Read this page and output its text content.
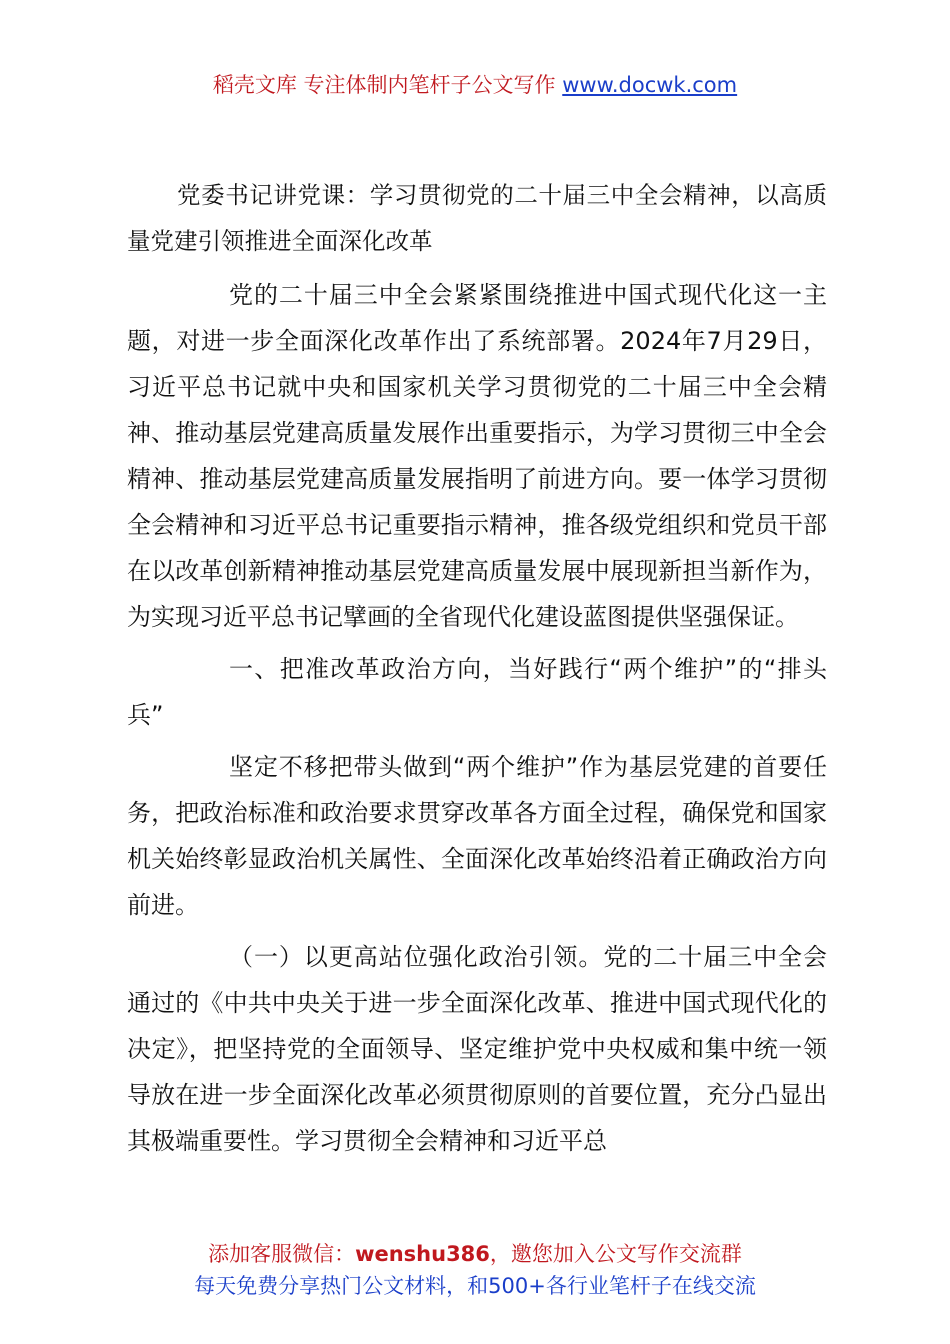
稻壳文库 专注体制内笔杆子公文写作 www.docwk.com

党委书记讲党课：学习贯彻党的二十届三中全会精神，以高质量党建引领推进全面深化改革

党的二十届三中全会紧紧围绕推进中国式现代化这一主题，对进一步全面深化改革作出了系统部署。2024年7月29日，习近平总书记就中央和国家机关学习贯彻党的二十届三中全会精神、推动基层党建高质量发展作出重要指示，为学习贯彻三中全会精神、推动基层党建高质量发展指明了前进方向。要一体学习贯彻全会精神和习近平总书记重要指示精神，推各级党组织和党员干部在以改革创新精神推动基层党建高质量发展中展现新担当新作为，为实现习近平总书记擘画的全省现代化建设蓝图提供坚强保证。

一、把准改革政治方向，当好践行“两个维护”的“排头兵”

坚定不移把带头做到“两个维护”作为基层党建的首要任务，把政治标准和政治要求贯穿改革各方面全过程，确保党和国家机关始终彰显政治机关属性、全面深化改革始终沿着正确政治方向前进。

（一）以更高站位强化政治引领。党的二十届三中全会通过的《中共中央关于进一步全面深化改革、推进中国式现代化的决定》，把坚持党的全面领导、坚定维护党中央权威和集中统一领导放在进一步全面深化改革必须贯彻原则的首要位置，充分凸显出其极端重要性。学习贯彻全会精神和习近平总

添加客服微信：wenshu386，邀您加入公文写作交流群
每天免费分享热门公文材料，和500+各行业笔杆子在线交流
